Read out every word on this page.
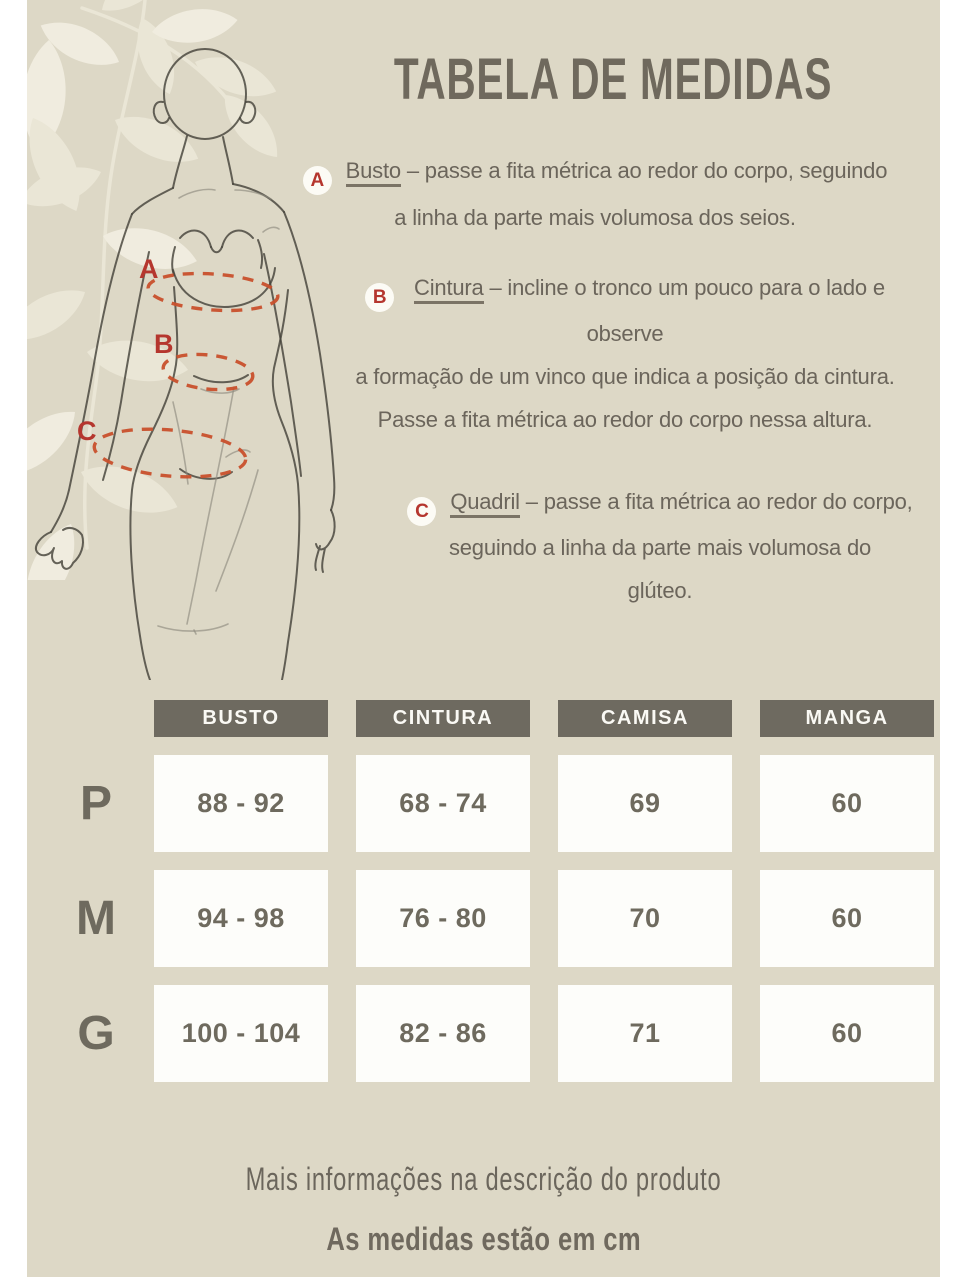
A
B
C
TABELA DE MEDIDAS
A Busto – passe a fita métrica ao redor do corpo, seguindo
a linha da parte mais volumosa dos seios.
B Cintura – incline o tronco um pouco para o lado e
observe
a formação de um vinco que indica a posição da cintura.
Passe a fita métrica ao redor do corpo nessa altura.
C Quadril – passe a fita métrica ao redor do corpo,
seguindo a linha da parte mais volumosa do
glúteo.
BUSTO	CINTURA	CAMISA	MANGA
P	88 - 92	68 - 74	69	60
M	94 - 98	76 - 80	70	60
G	100 - 104	82 - 86	71	60
Mais informações na descrição do produto
As medidas estão em cm
